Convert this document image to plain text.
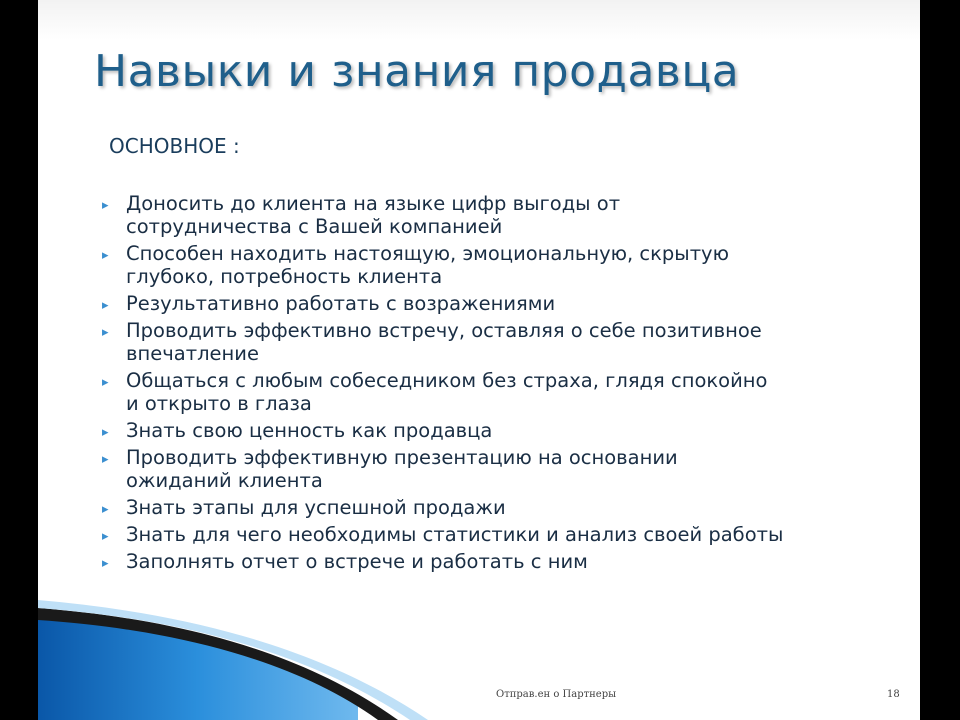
Навыки и знания продавца
ОСНОВНОЕ :
▸ Доносить до клиента на языке цифр выгоды от
сотрудничества с Вашей компанией
▸ Способен находить настоящую, эмоциональную, скрытую
глубоко, потребность клиента
▸ Результативно работать с возражениями
▸ Проводить эффективно встречу, оставляя о себе позитивное
впечатление
▸ Общаться с любым собеседником без страха, глядя спокойно
и открыто в глаза
▸ Знать свою ценность как продавца
▸ Проводить эффективную презентацию на основании
ожиданий клиента
▸ Знать этапы для успешной продажи
▸ Знать для чего необходимы статистики и анализ своей работы
▸ Заполнять отчет о встрече и работать с ним
Отправ.ен о Партнеры	18
